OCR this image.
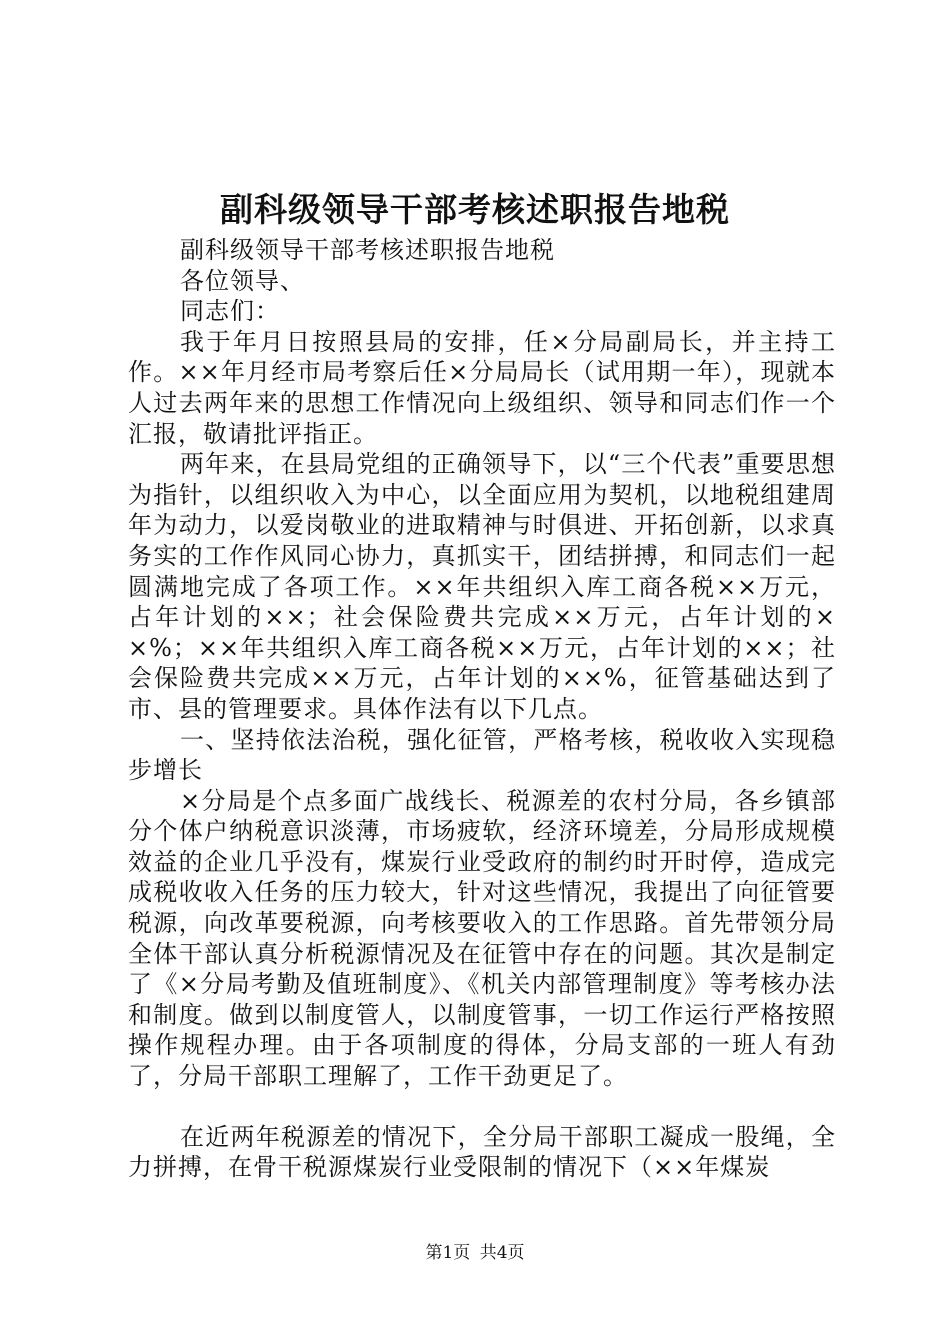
副科级领导干部考核述职报告地税

副科级领导干部考核述职报告地税

各位领导、

同志们：

我于年月日按照县局的安排，任×分局副局长，并主持工作。××年月经市局考察后任×分局局长（试用期一年），现就本人过去两年来的思想工作情况向上级组织、领导和同志们作一个汇报，敬请批评指正。

两年来，在县局党组的正确领导下，以“三个代表”重要思想为指针，以组织收入为中心，以全面应用为契机，以地税组建周年为动力，以爱岗敬业的进取精神与时俱进、开拓创新，以求真务实的工作作风同心协力，真抓实干，团结拼搏，和同志们一起圆满地完成了各项工作。××年共组织入库工商各税××万元，占年计划的××；社会保险费共完成××万元，占年计划的××%；××年共组织入库工商各税××万元，占年计划的××；社会保险费共完成××万元，占年计划的××%，征管基础达到了市、县的管理要求。具体作法有以下几点。

一、坚持依法治税，强化征管，严格考核，税收收入实现稳步增长

×分局是个点多面广战线长、税源差的农村分局，各乡镇部分个体户纳税意识淡薄，市场疲软，经济环境差，分局形成规模效益的企业几乎没有，煤炭行业受政府的制约时开时停，造成完成税收收入任务的压力较大，针对这些情况，我提出了向征管要税源，向改革要税源，向考核要收入的工作思路。首先带领分局全体干部认真分析税源情况及在征管中存在的问题。其次是制定了《×分局考勤及值班制度》、《机关内部管理制度》等考核办法和制度。做到以制度管人，以制度管事，一切工作运行严格按照操作规程办理。由于各项制度的得体，分局支部的一班人有劲了，分局干部职工理解了，工作干劲更足了。

在近两年税源差的情况下，全分局干部职工凝成一股绳，全力拼搏，在骨干税源煤炭行业受限制的情况下（××年煤炭

第1页 共4页
